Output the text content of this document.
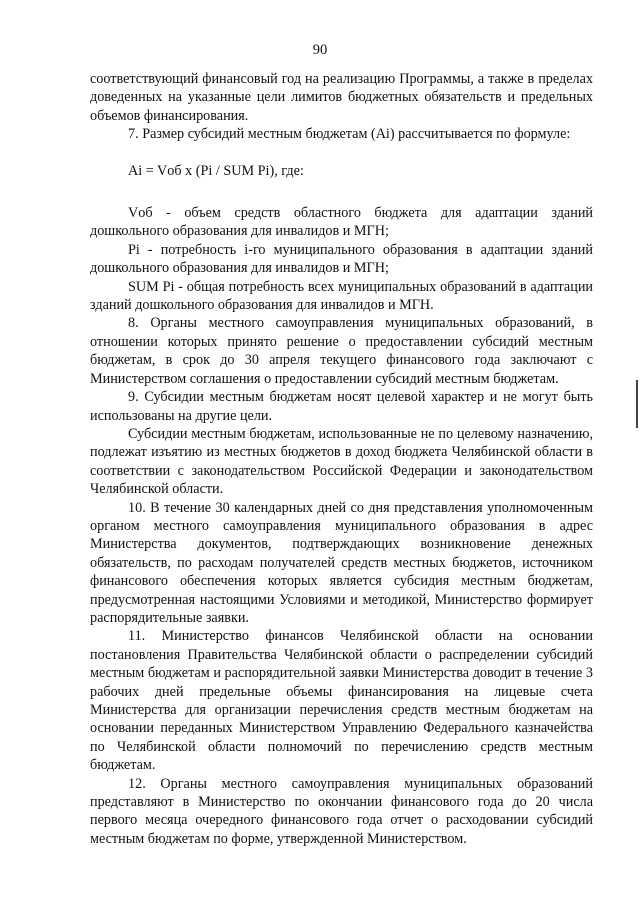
90

соответствующий финансовый год на реализацию Программы, а также в пределах доведенных на указанные цели лимитов бюджетных обязательств и предельных объемов финансирования.

7. Размер субсидий местным бюджетам (Ai) рассчитывается по формуле:

Ai = Vоб x (Pi / SUM Pi), где:

Vоб - объем средств областного бюджета для адаптации зданий дошкольного образования для инвалидов и МГН;

Pi - потребность i-го муниципального образования в адаптации зданий дошкольного образования для инвалидов и МГН;

SUM Pi - общая потребность всех муниципальных образований в адаптации зданий дошкольного образования для инвалидов и МГН.

8. Органы местного самоуправления муниципальных образований, в отношении которых принято решение о предоставлении субсидий местным бюджетам, в срок до 30 апреля текущего финансового года заключают с Министерством соглашения о предоставлении субсидий местным бюджетам.

9. Субсидии местным бюджетам носят целевой характер и не могут быть использованы на другие цели.

Субсидии местным бюджетам, использованные не по целевому назначению, подлежат изъятию из местных бюджетов в доход бюджета Челябинской области в соответствии с законодательством Российской Федерации и законодательством Челябинской области.

10. В течение 30 календарных дней со дня представления уполномоченным органом местного самоуправления муниципального образования в адрес Министерства документов, подтверждающих возникновение денежных обязательств, по расходам получателей средств местных бюджетов, источником финансового обеспечения которых является субсидия местным бюджетам, предусмотренная настоящими Условиями и методикой, Министерство формирует распорядительные заявки.

11. Министерство финансов Челябинской области на основании постановления Правительства Челябинской области о распределении субсидий местным бюджетам и распорядительной заявки Министерства доводит в течение 3 рабочих дней предельные объемы финансирования на лицевые счета Министерства для организации перечисления средств местным бюджетам на основании переданных Министерством Управлению Федерального казначейства по Челябинской области полномочий по перечислению средств местным бюджетам.

12. Органы местного самоуправления муниципальных образований представляют в Министерство по окончании финансового года до 20 числа первого месяца очередного финансового года отчет о расходовании субсидий местным бюджетам по форме, утвержденной Министерством.
